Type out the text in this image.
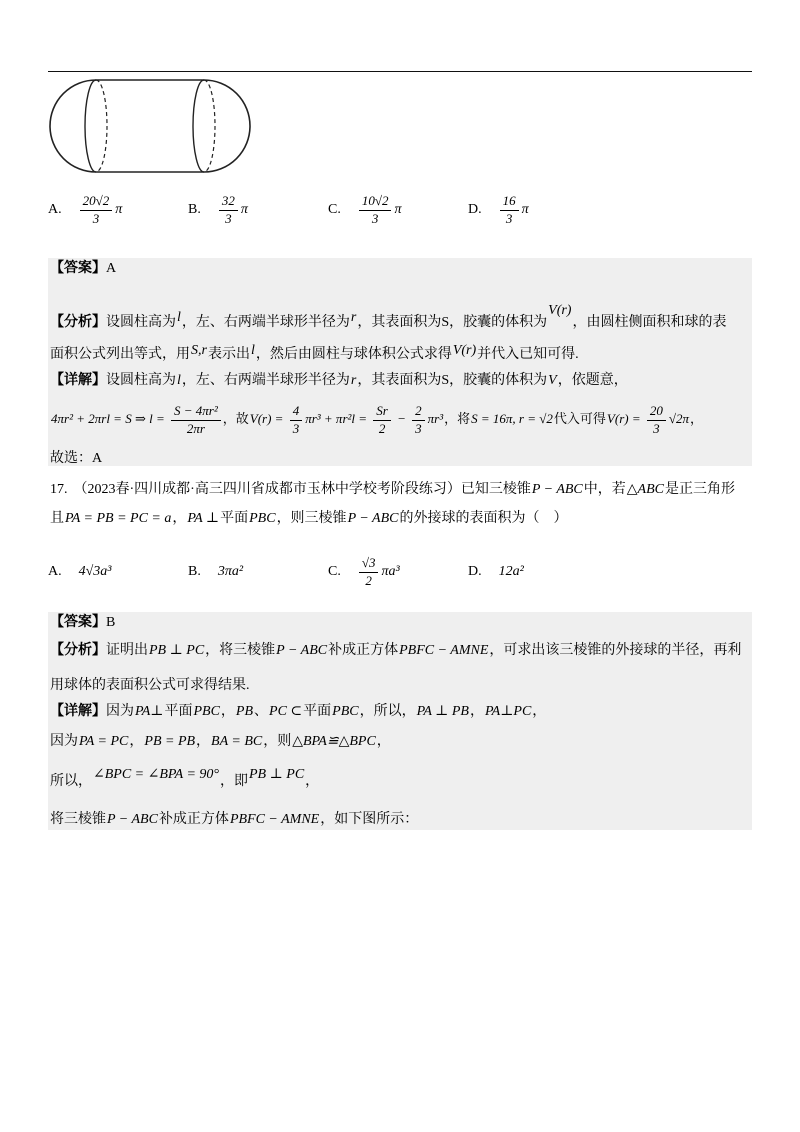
A. $\frac{20√2}{3}$ π	B. $\frac{32}{3}$ π	C. $\frac{10√2}{3}$ π	D. $\frac{16}{3}$ π
【答案】A
【分析】设圆柱高为l，左、右两端半球形半径为r，其表面积为S，胶囊的体积为V(r)，由圆柱侧面积和球的表
面积公式列出等式，用S,r表示出l，然后由圆柱与球体积公式求得V(r)并代入已知可得.
【详解】设圆柱高为l，左、右两端半球形半径为r，其表面积为S，胶囊的体积为V，依题意，
4πr² + 2πrl = S ⇒ $l = \frac{\text{S − 4πr²}}{2\pi r}$ ，故$V(r) = \frac{4}{3} \pi r^3 + \pi r^2l = \frac{Sr}{2} - \frac{2}{3} \pi r^3$，将S = 16π, r = √2代入可得$V(r) = \frac{20}{3} √2\pi$，
故选：A
17. （2023春·四川成都·高三四川省成都市玉林中学校考阶段练习）已知三棱锥P − ABC中，若△ABC是正三角形
且PA = PB = PC = a，PA ⊥平面PBC，则三棱锥P − ABC的外接球的表面积为（　）
A. 4√3a³	B. 3πa²	C. $\frac{√3}{2} \pi a^3$	D. 12a²
【答案】B
【分析】证明出PB ⊥ PC，将三棱锥P − ABC补成正方体PBFC − AMNE，可求出该三棱锥的外接球的半径，再利
用球体的表面积公式可求得结果.
【详解】因为PA⊥平面PBC，PB、PC ⊂平面PBC，所以，PA ⊥ PB，PA⊥PC，
因为PA = PC，PB = PB，BA = BC，则△BPA≌△BPC，
所以，∠BPC = ∠BPA = 90°，即PB ⊥ PC，
将三棱锥P − ABC补成正方体PBFC − AMNE，如下图所示：
